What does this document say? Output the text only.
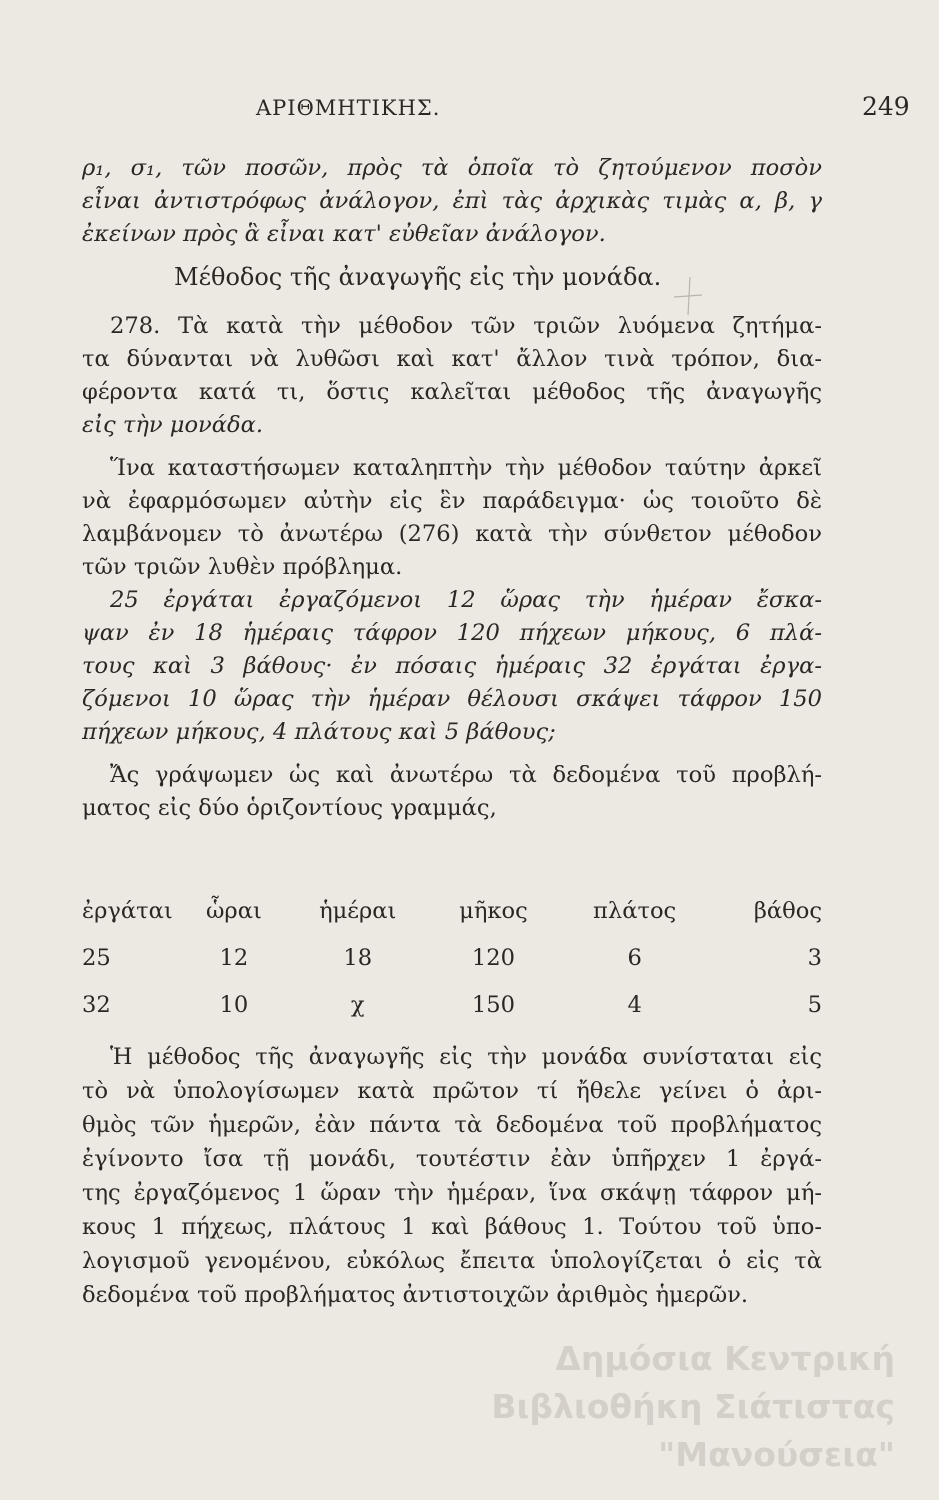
ΑΡΙΘΜΗΤΙΚΗΣ.	249
ρ₁, σ₁, τῶν ποσῶν, πρὸς τὰ ὁποῖα τὸ ζητούμενον ποσὸν
εἶναι ἀντιστρόφως ἀνάλογον, ἐπὶ τὰς ἀρχικὰς τιμὰς α, β, γ
ἐκείνων πρὸς ἃ εἶναι κατ' εὐθεῖαν ἀνάλογον.
Μέθοδος τῆς ἀναγωγῆς εἰς τὴν μονάδα.
278. Τὰ κατὰ τὴν μέθοδον τῶν τριῶν λυόμενα ζητήμα-
τα δύνανται νὰ λυθῶσι καὶ κατ' ἄλλον τινὰ τρόπον, δια-
φέροντα κατά τι, ὅστις καλεῖται μέθοδος τῆς ἀναγωγῆς
εἰς τὴν μονάδα.
Ἵνα καταστήσωμεν καταληπτὴν τὴν μέθοδον ταύτην ἀρκεῖ
νὰ ἐφαρμόσωμεν αὐτὴν εἰς ἓν παράδειγμα· ὡς τοιοῦτο δὲ
λαμβάνομεν τὸ ἀνωτέρω (276) κατὰ τὴν σύνθετον μέθοδον
τῶν τριῶν λυθὲν πρόβλημα.
25 ἐργάται ἐργαζόμενοι 12 ὥρας τὴν ἡμέραν ἔσκα-
ψαν ἐν 18 ἡμέραις τάφρον 120 πήχεων μήκους, 6 πλά-
τους καὶ 3 βάθους· ἐν πόσαις ἡμέραις 32 ἐργάται ἐργα-
ζόμενοι 10 ὥρας τὴν ἡμέραν θέλουσι σκάψει τάφρον 150
πήχεων μήκους, 4 πλάτους καὶ 5 βάθους;
Ἄς γράψωμεν ὡς καὶ ἀνωτέρω τὰ δεδομένα τοῦ προβλή-
ματος εἰς δύο ὁριζοντίους γραμμάς,
ἐργάται	ὧραι	ἡμέραι	μῆκος	πλάτος	βάθος
25	12	18	120	6	3
32	10	χ	150	4	5
Ἡ μέθοδος τῆς ἀναγωγῆς εἰς τὴν μονάδα συνίσταται εἰς
τὸ νὰ ὑπολογίσωμεν κατὰ πρῶτον τί ἤθελε γείνει ὁ ἀρι-
θμὸς τῶν ἡμερῶν, ἐὰν πάντα τὰ δεδομένα τοῦ προβλήματος
ἐγίνοντο ἴσα τῇ μονάδι, τουτέστιν ἐὰν ὑπῆρχεν 1 ἐργά-
της ἐργαζόμενος 1 ὥραν τὴν ἡμέραν, ἵνα σκάψῃ τάφρον μή-
κους 1 πήχεως, πλάτους 1 καὶ βάθους 1. Τούτου τοῦ ὑπο-
λογισμοῦ γενομένου, εὐκόλως ἔπειτα ὑπολογίζεται ὁ εἰς τὰ
δεδομένα τοῦ προβλήματος ἀντιστοιχῶν ἀριθμὸς ἡμερῶν.
Δημόσια Κεντρική
Βιβλιοθήκη Σιάτιστας "Μανούσεια"
